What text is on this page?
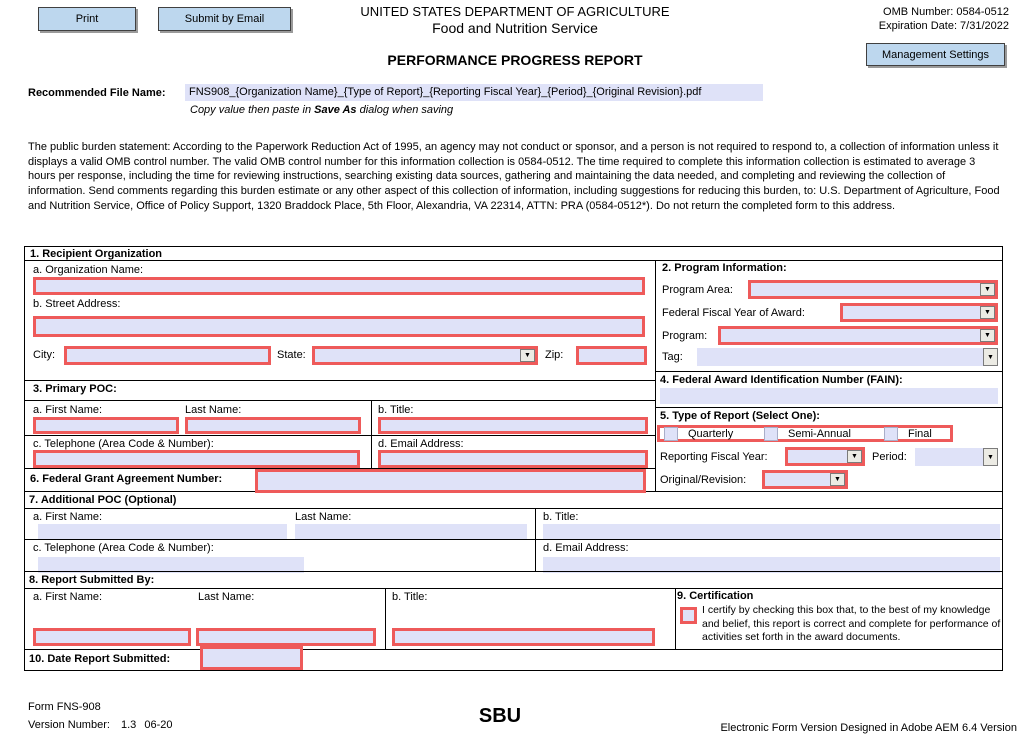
Print	Submit by Email	UNITED STATES DEPARTMENT OF AGRICULTURE
Food and Nutrition Service
PERFORMANCE PROGRESS REPORT
OMB Number: 0584-0512
Expiration Date: 7/31/2022
Management Settings
Recommended File Name:	FNS908_{Organization Name}_{Type of Report}_{Reporting Fiscal Year}_{Period}_{Original Revision}.pdf
Copy value then paste in Save As dialog when saving
The public burden statement: According to the Paperwork Reduction Act of 1995, an agency may not conduct or sponsor, and a person is not required to respond to, a collection of information unless it displays a valid OMB control number. The valid OMB control number for this information collection is 0584-0512. The time required to complete this information collection is estimated to average 3 hours per response, including the time for reviewing instructions, searching existing data sources, gathering and maintaining the data needed, and completing and reviewing the collection of information. Send comments regarding this burden estimate or any other aspect of this collection of information, including suggestions for reducing this burden, to: U.S. Department of Agriculture, Food and Nutrition Service, Office of Policy Support, 1320 Braddock Place, 5th Floor, Alexandria, VA 22314, ATTN: PRA (0584-0512*). Do not return the completed form to this address.
1. Recipient Organization
a. Organization Name:
b. Street Address:
City:	State:	▼	Zip:
3. Primary POC:
a. First Name:	Last Name:	b. Title:
c. Telephone (Area Code & Number):	d. Email Address:
6. Federal Grant Agreement Number:
2. Program Information:
Program Area:	▼
Federal Fiscal Year of Award:	▼
Program:	▼
Tag:	▼
4. Federal Award Identification Number (FAIN):
5. Type of Report (Select One):
Quarterly	Semi-Annual	Final
Reporting Fiscal Year:	▼	Period:	▼
Original/Revision:	▼
7. Additional POC (Optional)
a. First Name:	Last Name:	b. Title:
c. Telephone (Area Code & Number):	d. Email Address:
8. Report Submitted By:
a. First Name:	Last Name:	b. Title:	9. Certification
I certify by checking this box that, to the best of my knowledge and belief, this report is correct and complete for performance of activities set forth in the award documents.
10. Date Report Submitted:
Form FNS-908
Version Number: 1.3 06-20	SBU
Electronic Form Version Designed in Adobe AEM 6.4 Version
